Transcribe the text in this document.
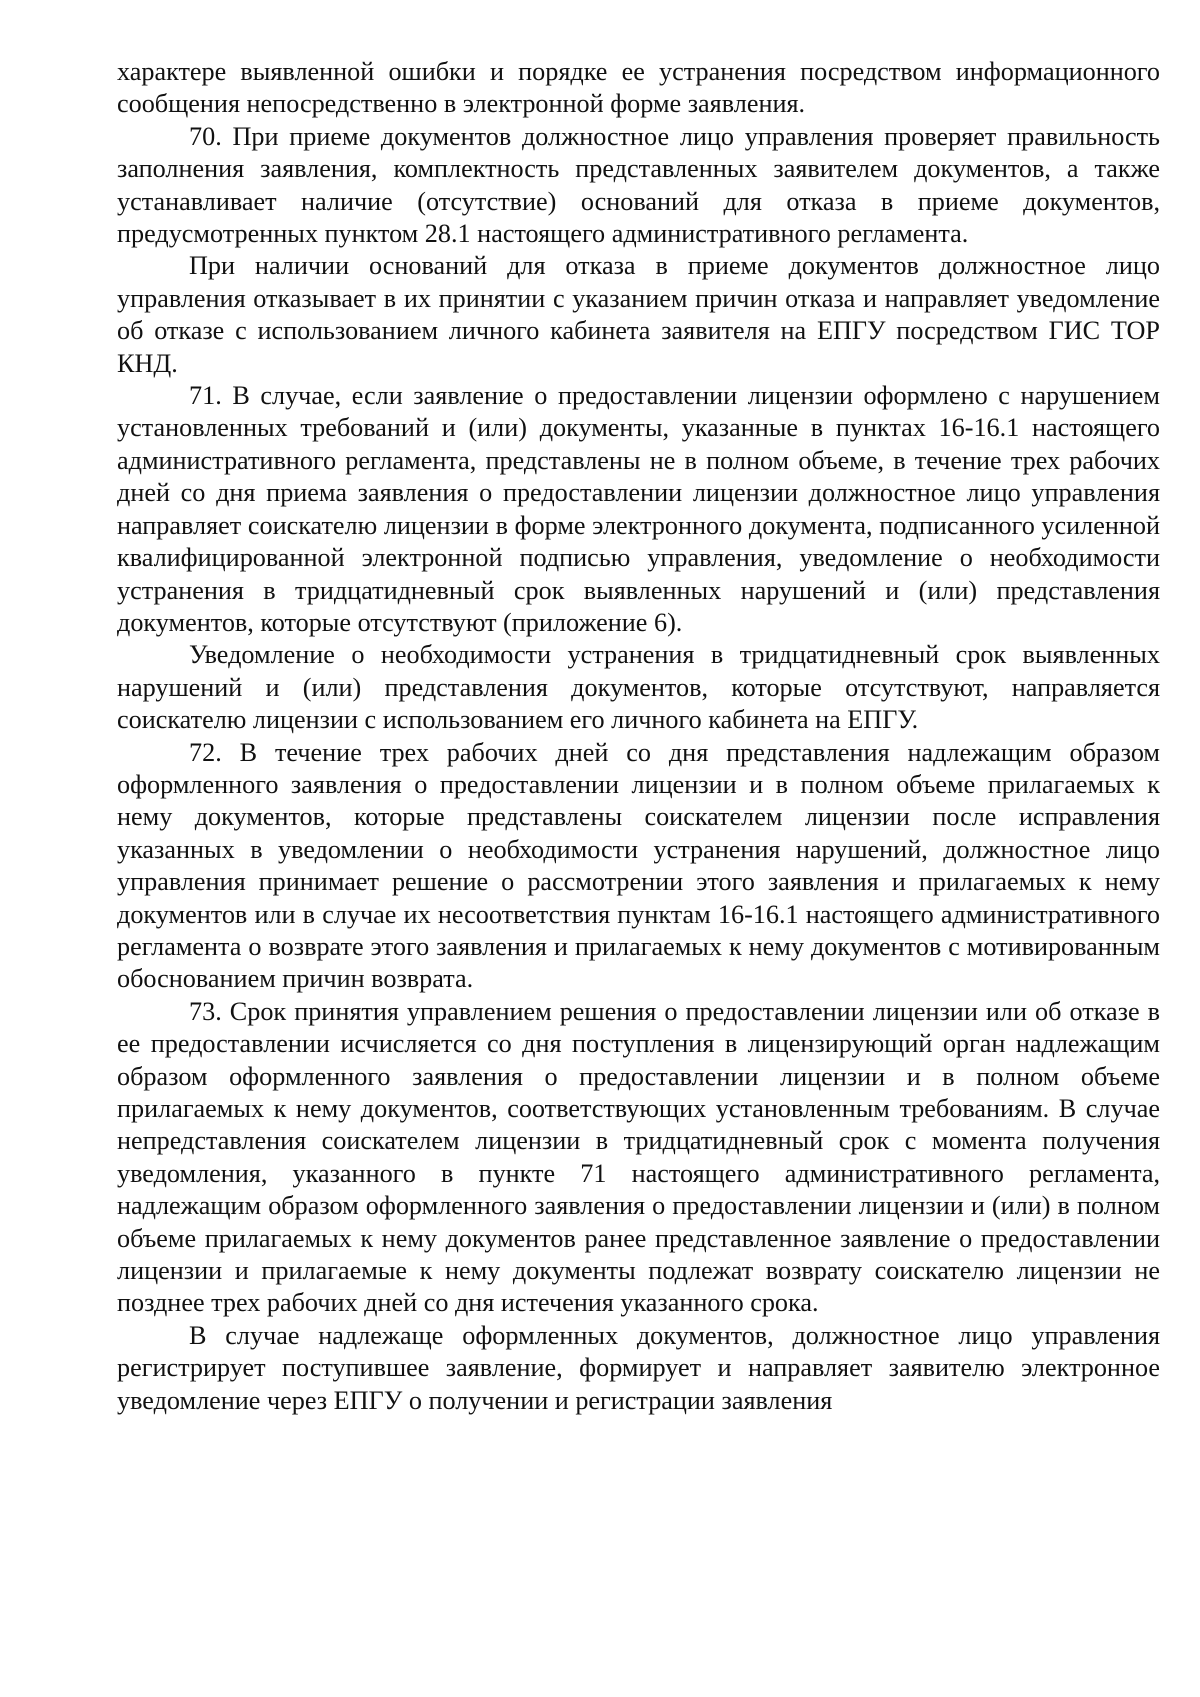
характере выявленной ошибки и порядке ее устранения посредством информационного сообщения непосредственно в электронной форме заявления.

70. При приеме документов должностное лицо управления проверяет правильность заполнения заявления, комплектность представленных заявителем документов, а также устанавливает наличие (отсутствие) оснований для отказа в приеме документов, предусмотренных пунктом 28.1 настоящего административного регламента.

При наличии оснований для отказа в приеме документов должностное лицо управления отказывает в их принятии с указанием причин отказа и направляет уведомление об отказе с использованием личного кабинета заявителя на ЕПГУ посредством ГИС ТОР КНД.

71. В случае, если заявление о предоставлении лицензии оформлено с нарушением установленных требований и (или) документы, указанные в пунктах 16-16.1 настоящего административного регламента, представлены не в полном объеме, в течение трех рабочих дней со дня приема заявления о предоставлении лицензии должностное лицо управления направляет соискателю лицензии в форме электронного документа, подписанного усиленной квалифицированной электронной подписью управления, уведомление о необходимости устранения в тридцатидневный срок выявленных нарушений и (или) представления документов, которые отсутствуют (приложение 6).

Уведомление о необходимости устранения в тридцатидневный срок выявленных нарушений и (или) представления документов, которые отсутствуют, направляется соискателю лицензии с использованием его личного кабинета на ЕПГУ.

72. В течение трех рабочих дней со дня представления надлежащим образом оформленного заявления о предоставлении лицензии и в полном объеме прилагаемых к нему документов, которые представлены соискателем лицензии после исправления указанных в уведомлении о необходимости устранения нарушений, должностное лицо управления принимает решение о рассмотрении этого заявления и прилагаемых к нему документов или в случае их несоответствия пунктам 16-16.1 настоящего административного регламента о возврате этого заявления и прилагаемых к нему документов с мотивированным обоснованием причин возврата.

73. Срок принятия управлением решения о предоставлении лицензии или об отказе в ее предоставлении исчисляется со дня поступления в лицензирующий орган надлежащим образом оформленного заявления о предоставлении лицензии и в полном объеме прилагаемых к нему документов, соответствующих установленным требованиям. В случае непредставления соискателем лицензии в тридцатидневный срок с момента получения уведомления, указанного в пункте 71 настоящего административного регламента, надлежащим образом оформленного заявления о предоставлении лицензии и (или) в полном объеме прилагаемых к нему документов ранее представленное заявление о предоставлении лицензии и прилагаемые к нему документы подлежат возврату соискателю лицензии не позднее трех рабочих дней со дня истечения указанного срока.

В случае надлежаще оформленных документов, должностное лицо управления регистрирует поступившее заявление, формирует и направляет заявителю электронное уведомление через ЕПГУ о получении и регистрации заявления
